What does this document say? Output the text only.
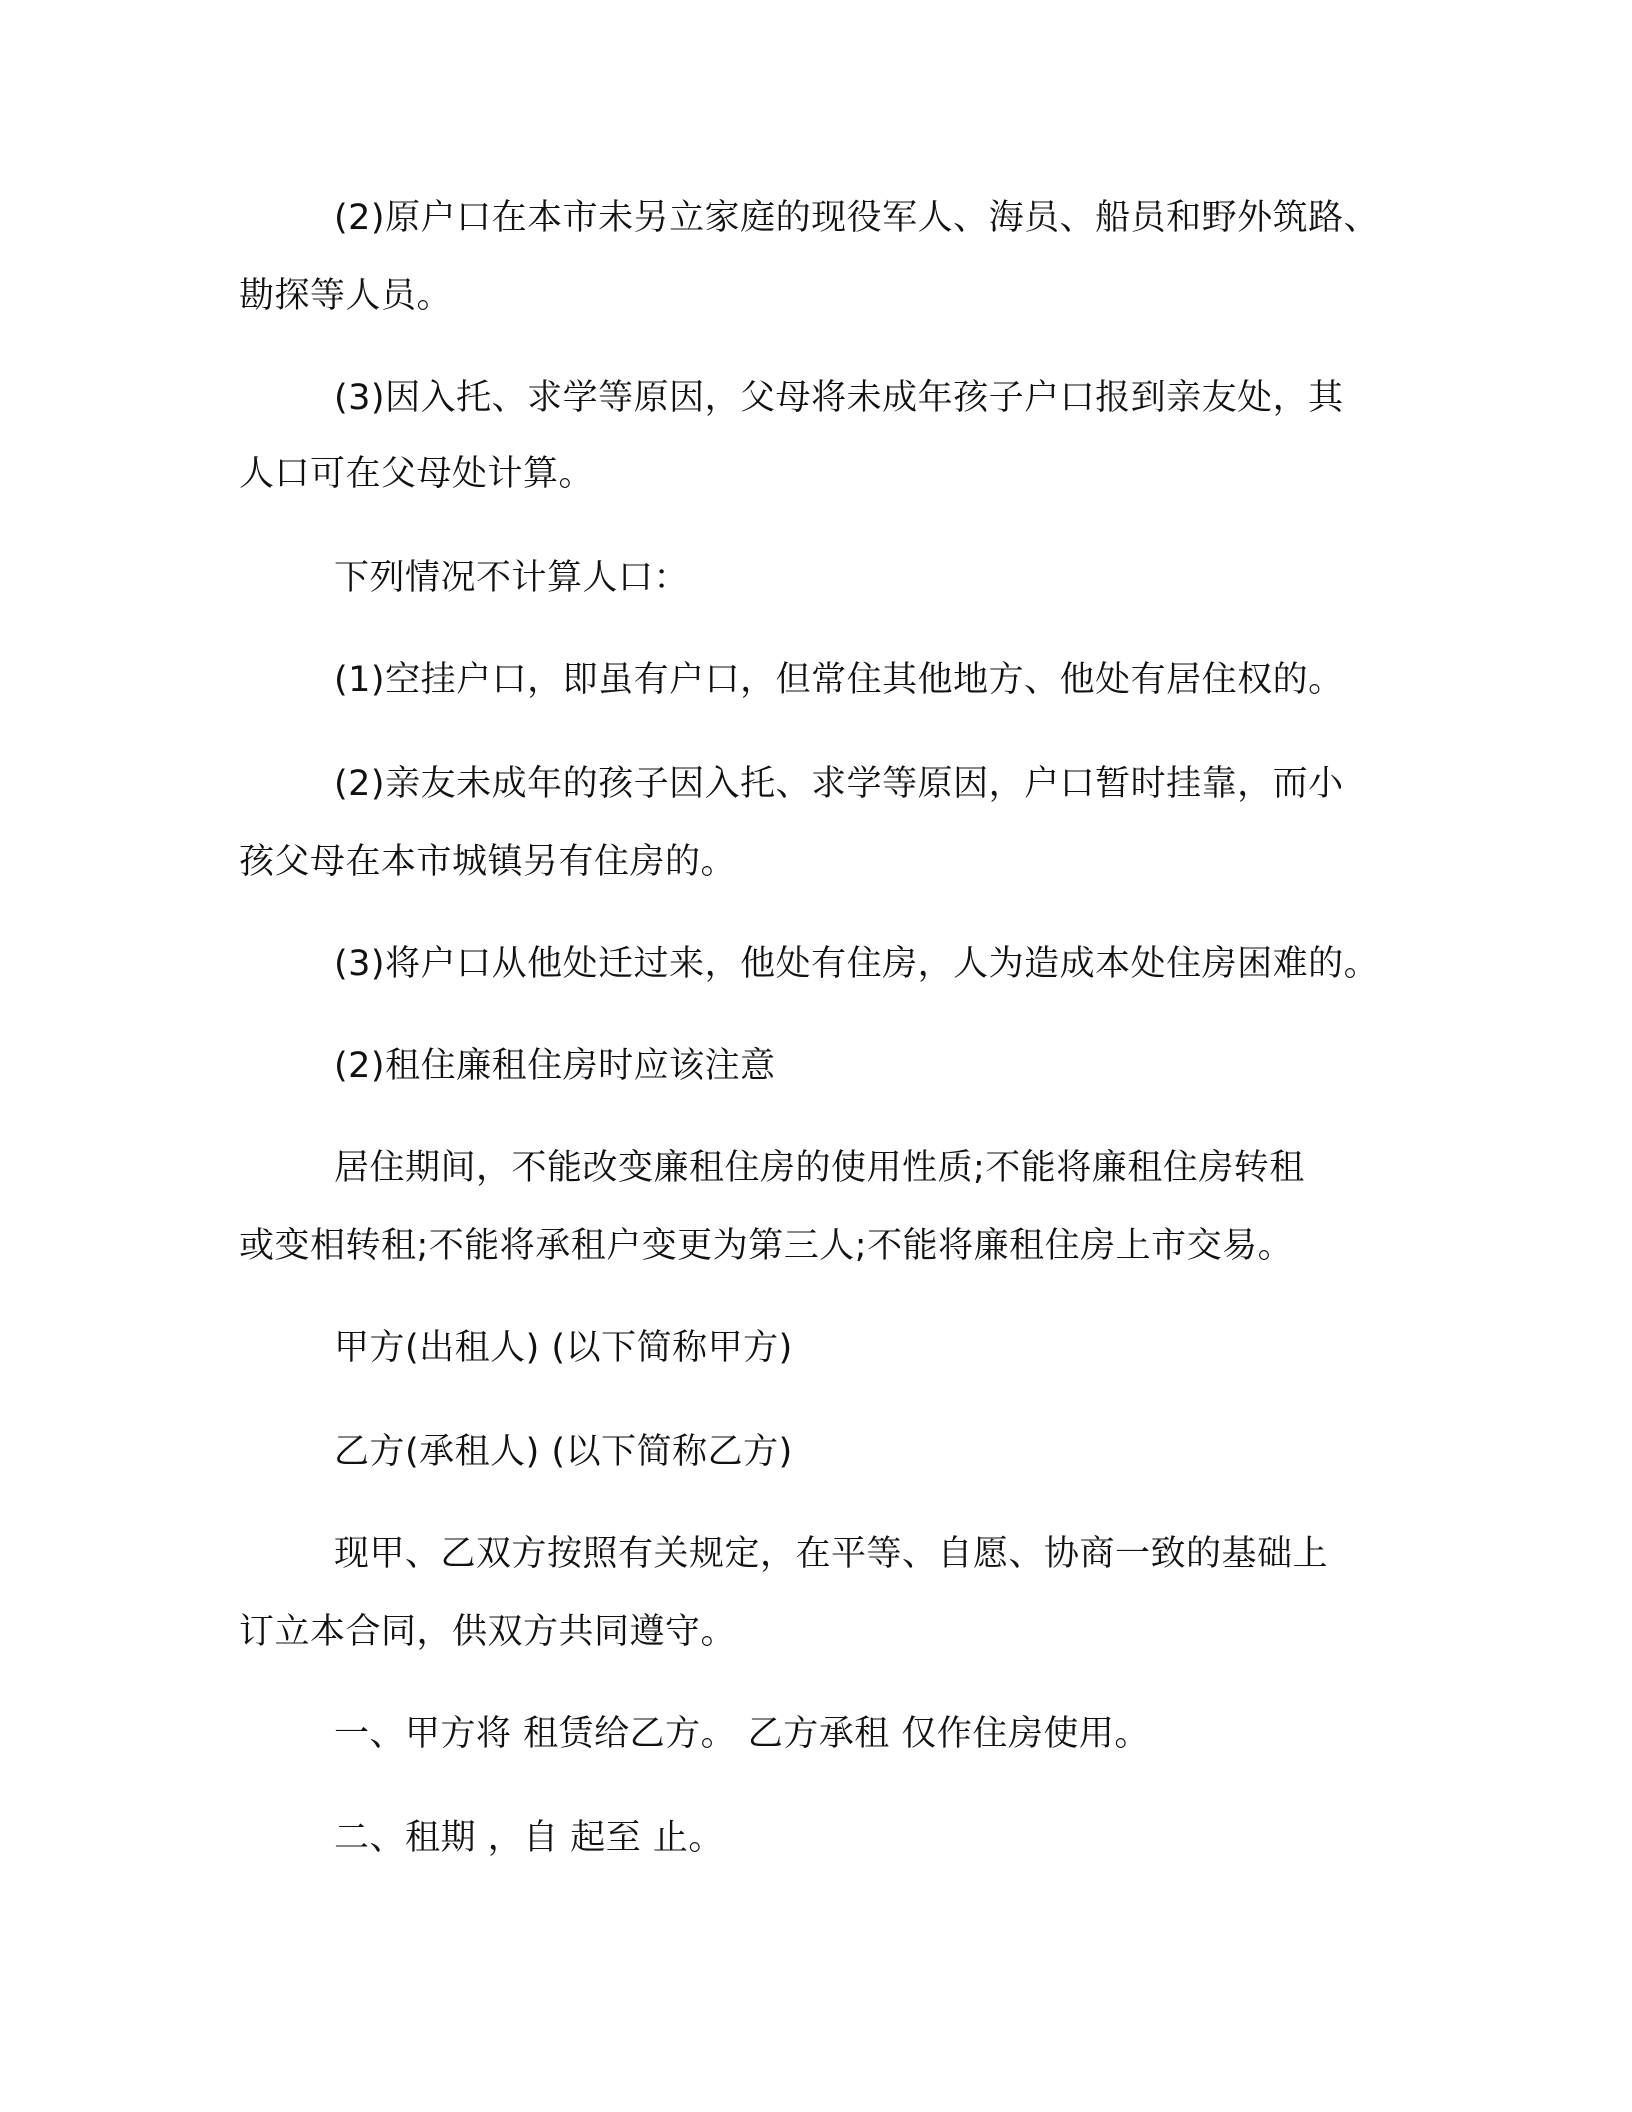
(2)原户口在本市未另立家庭的现役军人、海员、船员和野外筑路、
勘探等人员。
(3)因入托、求学等原因，父母将未成年孩子户口报到亲友处，其
人口可在父母处计算。
下列情况不计算人口：
(1)空挂户口，即虽有户口，但常住其他地方、他处有居住权的。
(2)亲友未成年的孩子因入托、求学等原因，户口暂时挂靠，而小
孩父母在本市城镇另有住房的。
(3)将户口从他处迁过来，他处有住房，人为造成本处住房困难的。
(2)租住廉租住房时应该注意
居住期间，不能改变廉租住房的使用性质;不能将廉租住房转租
或变相转租;不能将承租户变更为第三人;不能将廉租住房上市交易。
甲方(出租人) (以下简称甲方)
乙方(承租人) (以下简称乙方)
现甲、乙双方按照有关规定，在平等、自愿、协商一致的基础上
订立本合同，供双方共同遵守。
一、甲方将 租赁给乙方。 乙方承租 仅作住房使用。
二、租期 ，自 起至 止。
